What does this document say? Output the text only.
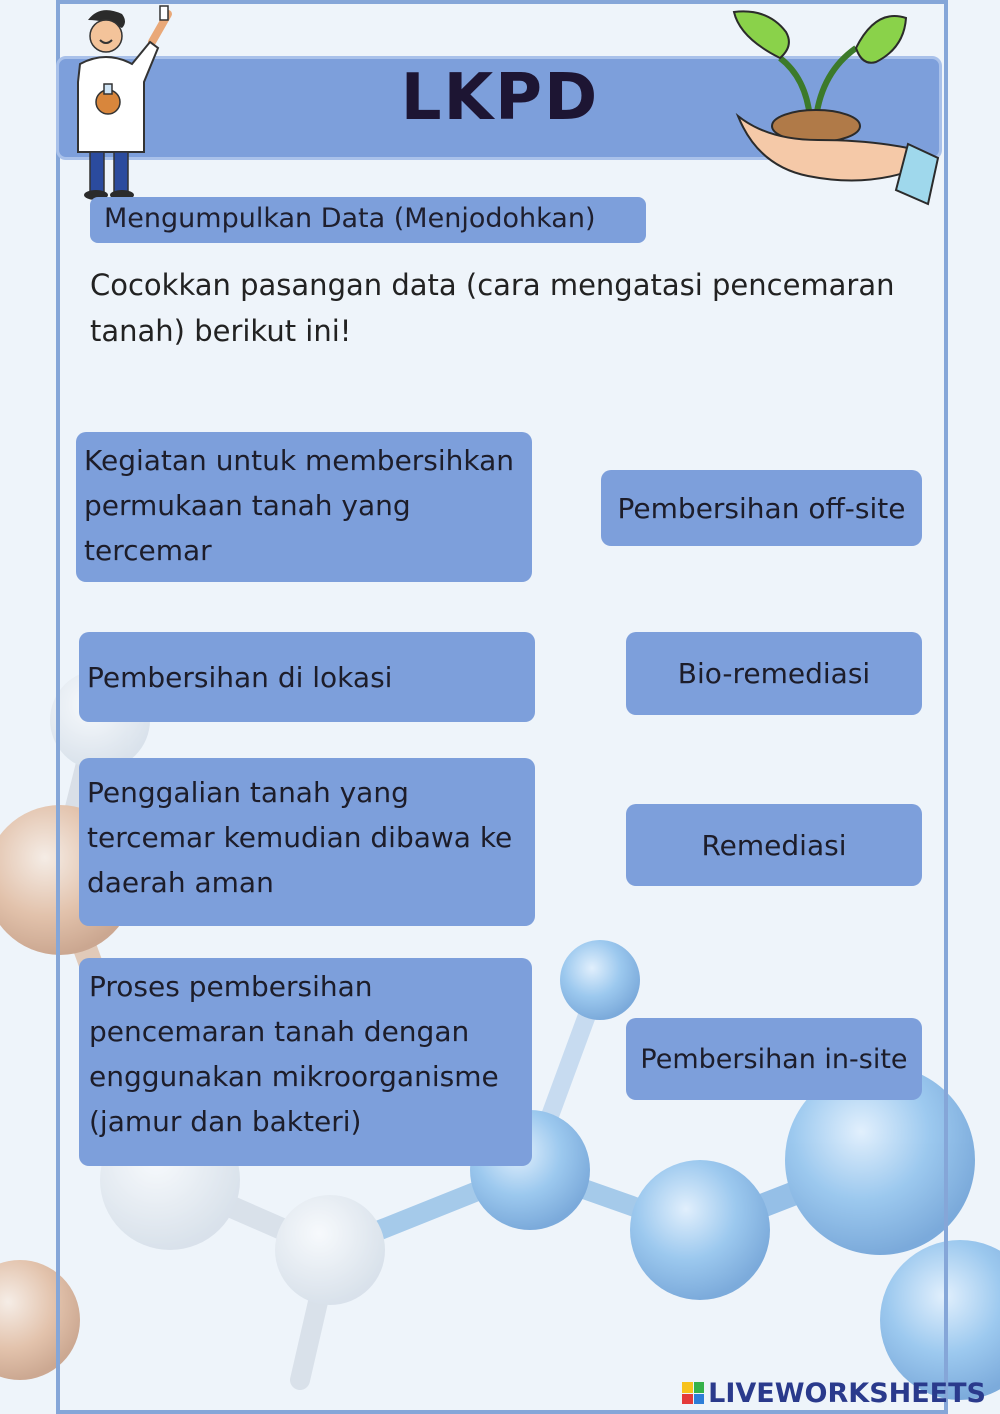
LKPD
Mengumpulkan Data (Menjodohkan)
Cocokkan pasangan data (cara mengatasi pencemaran tanah) berikut ini!
Kegiatan untuk membersihkan permukaan tanah yang tercemar
Pembersihan di lokasi
Penggalian tanah yang tercemar kemudian dibawa ke daerah aman
Proses pembersihan pencemaran tanah dengan enggunakan mikroorganisme (jamur dan bakteri)
Pembersihan off-site
Bio-remediasi
Remediasi
Pembersihan in-site
LIVEWORKSHEETS
